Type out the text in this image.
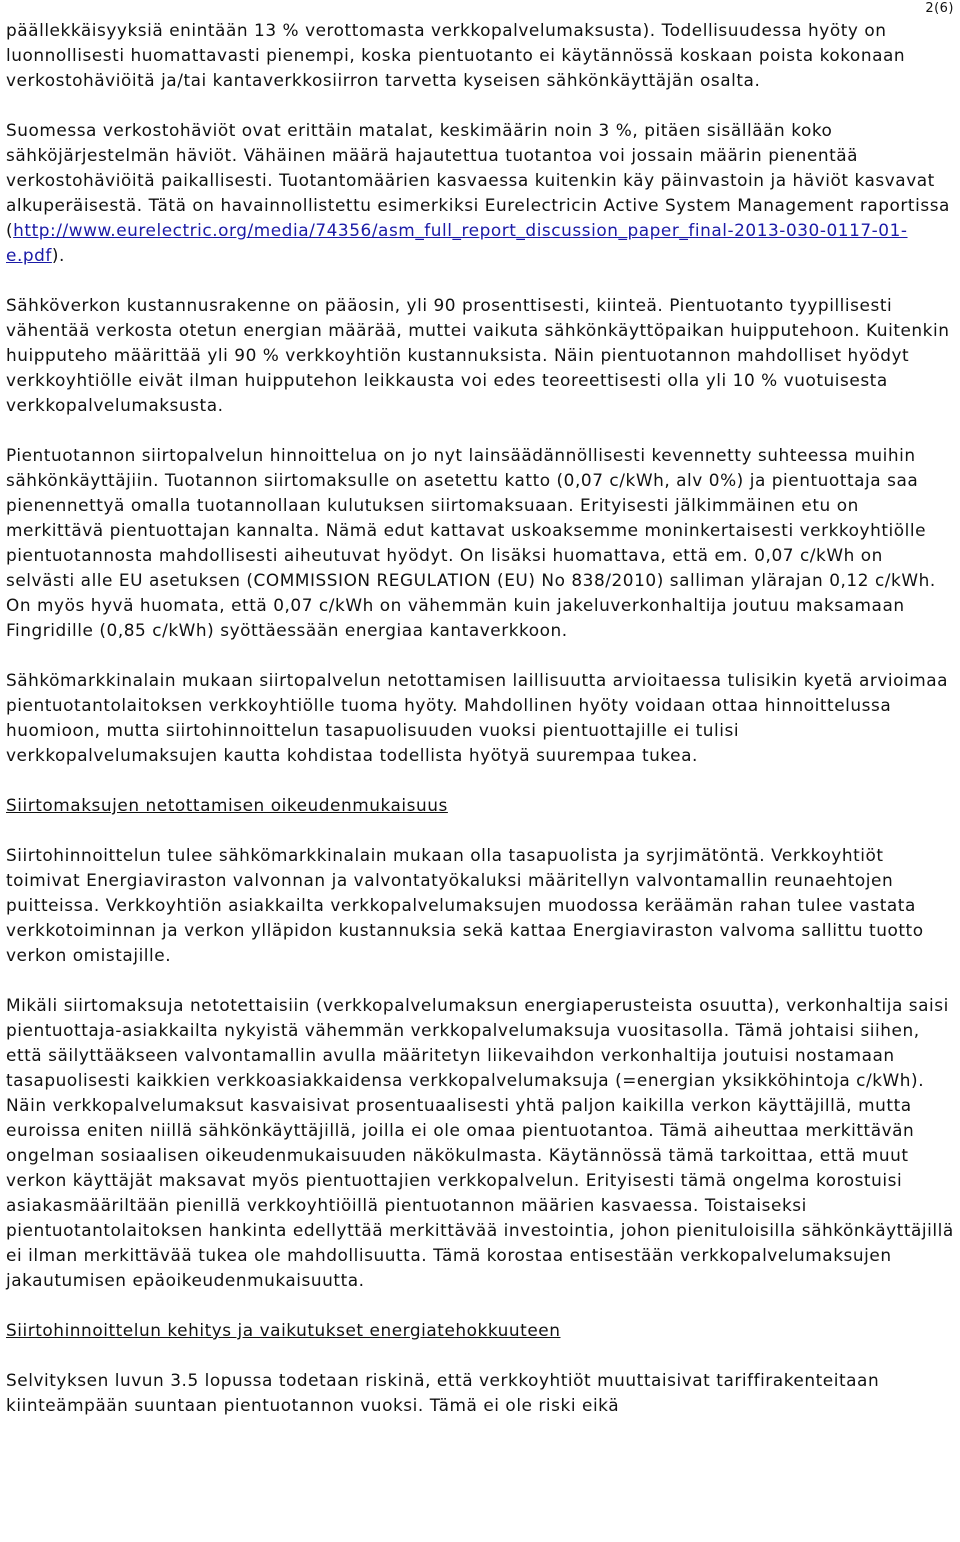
2(6)

päällekkäisyyksiä enintään 13 % verottomasta verkkopalvelumaksusta). Todellisuudessa hyöty on luonnollisesti huomattavasti pienempi, koska pientuotanto ei käytännössä koskaan poista kokonaan verkostohäviöitä ja/tai kantaverkkosiirron tarvetta kyseisen sähkönkäyttäjän osalta.

Suomessa verkostohäviöt ovat erittäin matalat, keskimäärin noin 3 %, pitäen sisällään koko sähköjärjestelmän häviöt. Vähäinen määrä hajautettua tuotantoa voi jossain määrin pienentää verkostohäviöitä paikallisesti. Tuotantomäärien kasvaessa kuitenkin käy päinvastoin ja häviöt kasvavat alkuperäisestä. Tätä on havainnollistettu esimerkiksi Eurelectricin Active System Management raportissa (http://www.eurelectric.org/media/74356/asm_full_report_discussion_paper_final-2013-030-0117-01-e.pdf).

Sähköverkon kustannusrakenne on pääosin, yli 90 prosenttisesti, kiinteä. Pientuotanto tyypillisesti vähentää verkosta otetun energian määrää, muttei vaikuta sähkönkäyttöpaikan huipputehoon. Kuitenkin huipputeho määrittää yli 90 % verkkoyhtiön kustannuksista. Näin pientuotannon mahdolliset hyödyt verkkoyhtiölle eivät ilman huipputehon leikkausta voi edes teoreettisesti olla yli 10 % vuotuisesta verkkopalvelumaksusta.

Pientuotannon siirtopalvelun hinnoittelua on jo nyt lainsäädännöllisesti kevennetty suhteessa muihin sähkönkäyttäjiin. Tuotannon siirtomaksulle on asetettu katto (0,07 c/kWh, alv 0%) ja pientuottaja saa pienennettyä omalla tuotannollaan kulutuksen siirtomaksuaan. Erityisesti jälkimmäinen etu on merkittävä pientuottajan kannalta. Nämä edut kattavat uskoaksemme moninkertaisesti verkkoyhtiölle pientuotannosta mahdollisesti aiheutuvat hyödyt. On lisäksi huomattava, että em. 0,07 c/kWh on selvästi alle EU asetuksen (COMMISSION REGULATION (EU) No 838/2010) salliman ylärajan 0,12 c/kWh. On myös hyvä huomata, että 0,07 c/kWh on vähemmän kuin jakeluverkonhaltija joutuu maksamaan Fingridille (0,85 c/kWh) syöttäessään energiaa kantaverkkoon.

Sähkömarkkinalain mukaan siirtopalvelun netottamisen laillisuutta arvioitaessa tulisikin kyetä arvioimaa pientuotantolaitoksen verkkoyhtiölle tuoma hyöty. Mahdollinen hyöty voidaan ottaa hinnoittelussa huomioon, mutta siirtohinnoittelun tasapuolisuuden vuoksi pientuottajille ei tulisi verkkopalvelumaksujen kautta kohdistaa todellista hyötyä suurempaa tukea.

Siirtomaksujen netottamisen oikeudenmukaisuus

Siirtohinnoittelun tulee sähkömarkkinalain mukaan olla tasapuolista ja syrjimätöntä. Verkkoyhtiöt toimivat Energiaviraston valvonnan ja valvontatyökaluksi määritellyn valvontamallin reunaehtojen puitteissa. Verkkoyhtiön asiakkailta verkkopalvelumaksujen muodossa keräämän rahan tulee vastata verkkotoiminnan ja verkon ylläpidon kustannuksia sekä kattaa Energiaviraston valvoma sallittu tuotto verkon omistajille.

Mikäli siirtomaksuja netotettaisiin (verkkopalvelumaksun energiaperusteista osuutta), verkonhaltija saisi pientuottaja-asiakkailta nykyistä vähemmän verkkopalvelumaksuja vuositasolla. Tämä johtaisi siihen, että säilyttääkseen valvontamallin avulla määritetyn liikevaihdon verkonhaltija joutuisi nostamaan tasapuolisesti kaikkien verkkoasiakkaidensa verkkopalvelumaksuja (=energian yksikköhintoja c/kWh). Näin verkkopalvelumaksut kasvaisivat prosentuaalisesti yhtä paljon kaikilla verkon käyttäjillä, mutta euroissa eniten niillä sähkönkäyttäjillä, joilla ei ole omaa pientuotantoa. Tämä aiheuttaa merkittävän ongelman sosiaalisen oikeudenmukaisuuden näkökulmasta. Käytännössä tämä tarkoittaa, että muut verkon käyttäjät maksavat myös pientuottajien verkkopalvelun. Erityisesti tämä ongelma korostuisi asiakasmääriltään pienillä verkkoyhtiöillä pientuotannon määrien kasvaessa. Toistaiseksi pientuotantolaitoksen hankinta edellyttää merkittävää investointia, johon pienituloisilla sähkönkäyttäjillä ei ilman merkittävää tukea ole mahdollisuutta. Tämä korostaa entisestään verkkopalvelumaksujen jakautumisen epäoikeudenmukaisuutta.

Siirtohinnoittelun kehitys ja vaikutukset energiatehokkuuteen

Selvityksen luvun 3.5 lopussa todetaan riskinä, että verkkoyhtiöt muuttaisivat tariffirakenteitaan kiinteämpään suuntaan pientuotannon vuoksi. Tämä ei ole riski eikä
